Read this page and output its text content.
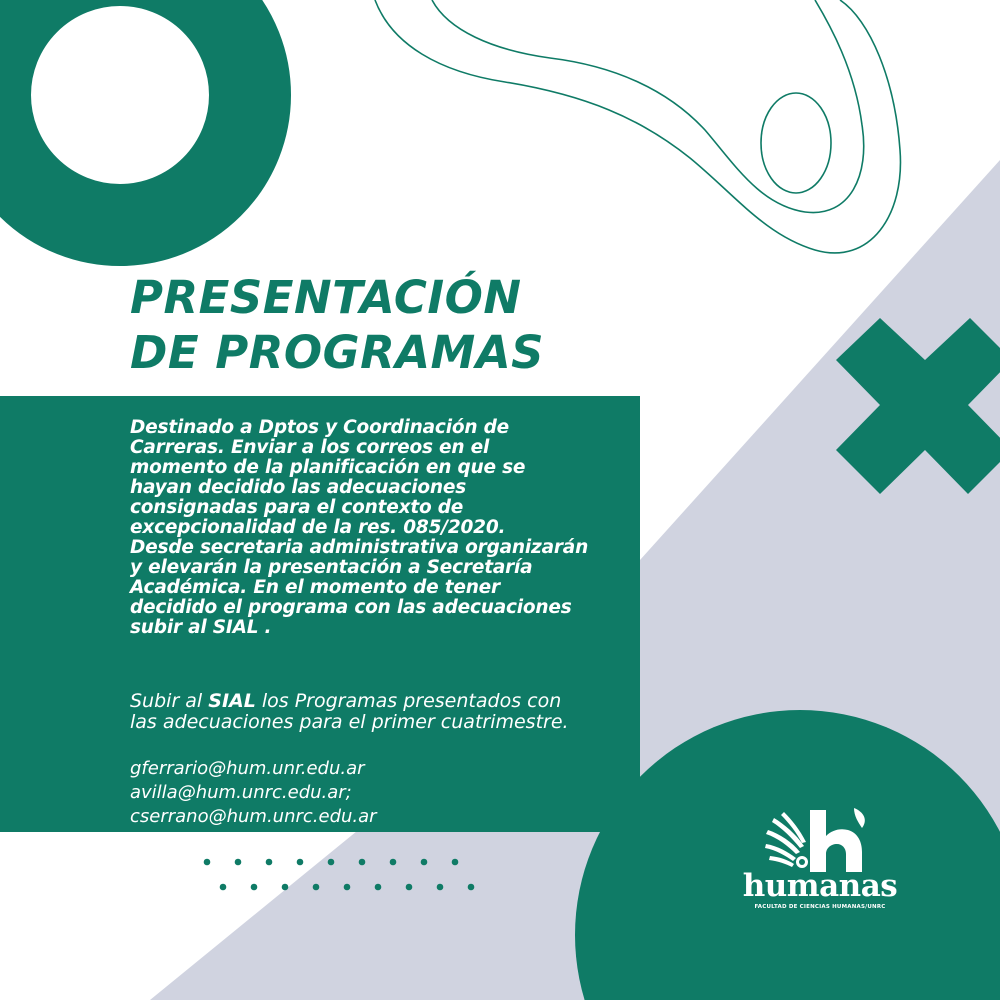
PRESENTACIÓN
DE PROGRAMAS
Destinado a Dptos y Coordinación de
Carreras. Enviar a los correos en el
momento de la planificación en que se
hayan decidido las adecuaciones
consignadas para el contexto de
excepcionalidad de la res. 085/2020.
Desde secretaria administrativa organizarán
y elevarán la presentación a Secretaría
Académica. En el momento de tener
decidido el programa con las adecuaciones
subir al SIAL .
Subir al SIAL los Programas presentados con
las adecuaciones para el primer cuatrimestre.
gferrario@hum.unr.edu.ar
avilla@hum.unrc.edu.ar;
cserrano@hum.unrc.edu.ar
humanas
FACULTAD DE CIENCIAS HUMANAS/UNRC
